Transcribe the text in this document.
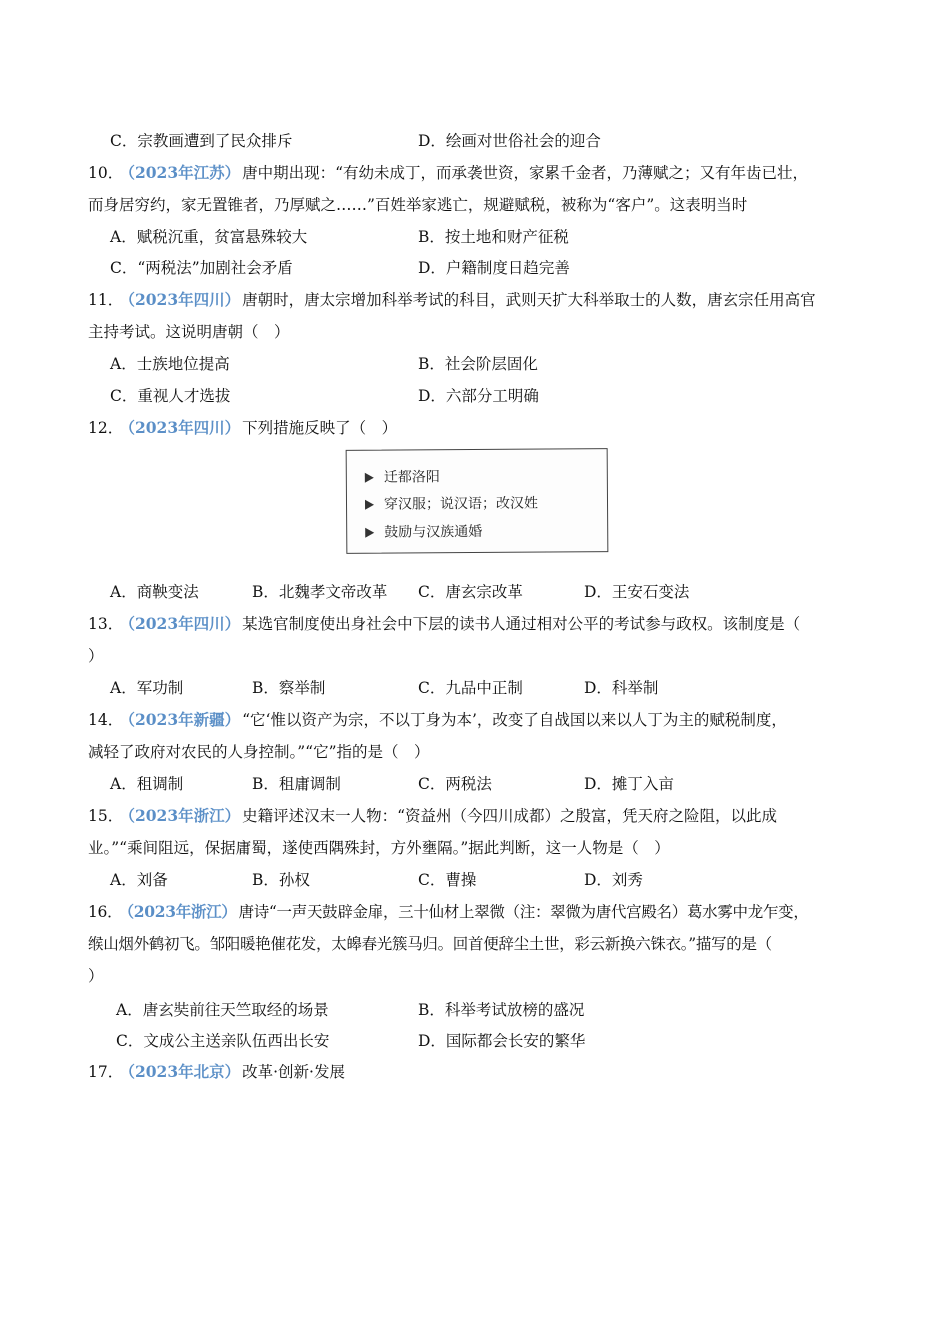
C．宗教画遭到了民众排斥	D．绘画对世俗社会的迎合
10． （2023年江苏） 唐中期出现：“有幼未成丁，而承袭世资，家累千金者，乃薄赋之；又有年齿已壮，
而身居穷约，家无置锥者，乃厚赋之……”百姓举家逃亡，规避赋税，被称为“客户”。这表明当时
A．赋税沉重，贫富悬殊较大	B．按土地和财产征税
C．“两税法”加剧社会矛盾	D．户籍制度日趋完善
11． （2023年四川） 唐朝时，唐太宗增加科举考试的科目，武则天扩大科举取士的人数，唐玄宗任用高官
主持考试。这说明唐朝（　）
A．士族地位提高	B．社会阶层固化
C．重视人才选拔	D．六部分工明确
12． （2023年四川） 下列措施反映了（　）
迁都洛阳
穿汉服；说汉语；改汉姓
鼓励与汉族通婚
A．商鞅变法	B．北魏孝文帝改革 C．唐玄宗改革	D．王安石变法
13． （2023年四川） 某选官制度使出身社会中下层的读书人通过相对公平的考试参与政权。该制度是（
）
A．军功制	B．察举制	C．九品中正制	D．科举制
14． （2023年新疆） “它‘惟以资产为宗，不以丁身为本’，改变了自战国以来以人丁为主的赋税制度，
减轻了政府对农民的人身控制。”“它”指的是（　）
A．租调制	B．租庸调制	C．两税法	D．摊丁入亩
15． （2023年浙江） 史籍评述汉末一人物：“资益州（今四川成都）之殷富，凭天府之险阻，以此成
业。”“乘间阻远，保据庸蜀，遂使西隅殊封，方外壅隔。”据此判断，这一人物是（　）
A．刘备	B．孙权	C．曹操	D．刘秀
16． （2023年浙江） 唐诗“一声天鼓辟金扉，三十仙材上翠微（注：翠微为唐代宫殿名）葛水雾中龙乍变，
缑山烟外鹤初飞。邹阳暖艳催花发，太皞春光簇马归。回首便辞尘土世，彩云新换六铢衣。”描写的是（
）
A．唐玄奘前往天竺取经的场景	B．科举考试放榜的盛况
C．文成公主送亲队伍西出长安	D．国际都会长安的繁华
17． （2023年北京） 改革·创新·发展
